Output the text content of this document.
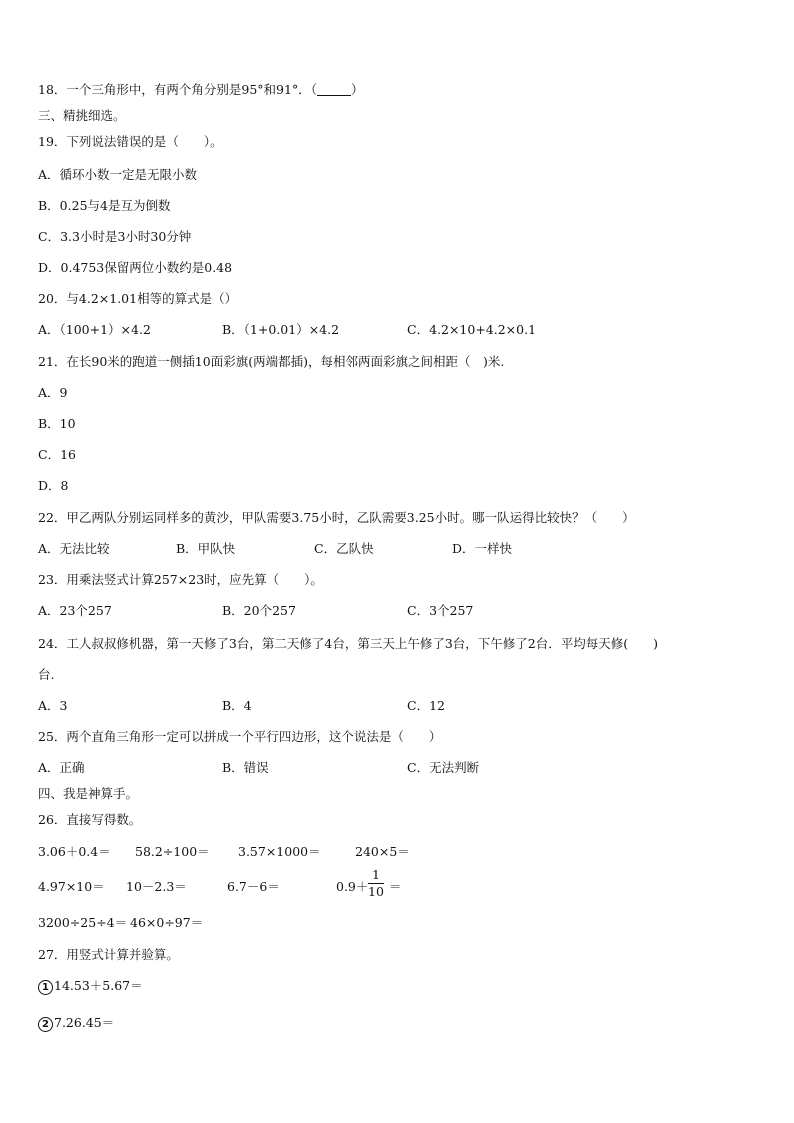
18．一个三角形中，有两个角分别是95°和91°．（	）
三、精挑细选。
19．下列说法错误的是（　　）。
A．循环小数一定是无限小数
B．0.25与4是互为倒数
C．3.3小时是3小时30分钟
D．0.4753保留两位小数约是0.48
20．与4.2×1.01相等的算式是（）
A．（100+1）×4.2	B．（1+0.01）×4.2	C．4.2×10+4.2×0.1
21．在长90米的跑道一侧插10面彩旗(两端都插)，每相邻两面彩旗之间相距（　)米.
A．9
B．10
C．16
D．8
22．甲乙两队分别运同样多的黄沙，甲队需要3.75小时，乙队需要3.25小时。哪一队运得比较快？（　　）
A．无法比较	B．甲队快	C．乙队快	D．一样快
23．用乘法竖式计算257×23时，应先算（　　）。
A．23个257	B．20个257	C．3个257
24．工人叔叔修机器，第一天修了3台，第二天修了4台，第三天上午修了3台，下午修了2台．平均每天修(　　)
台.
A．3	B．4	C．12
25．两个直角三角形一定可以拼成一个平行四边形，这个说法是（　　）
A．正确	B．错误	C．无法判断
四、我是神算手。
26．直接写得数。
3.06＋0.4＝ 58.2÷100＝ 3.57×1000＝	240×5＝
4.97×10＝ 10－2.3＝	6.7－6＝	0.9＋
1
10 ＝
3200÷25÷4＝ 46×0÷97＝
27．用竖式计算并验算。
1 14.53＋5.67＝
2 7.26.45＝
